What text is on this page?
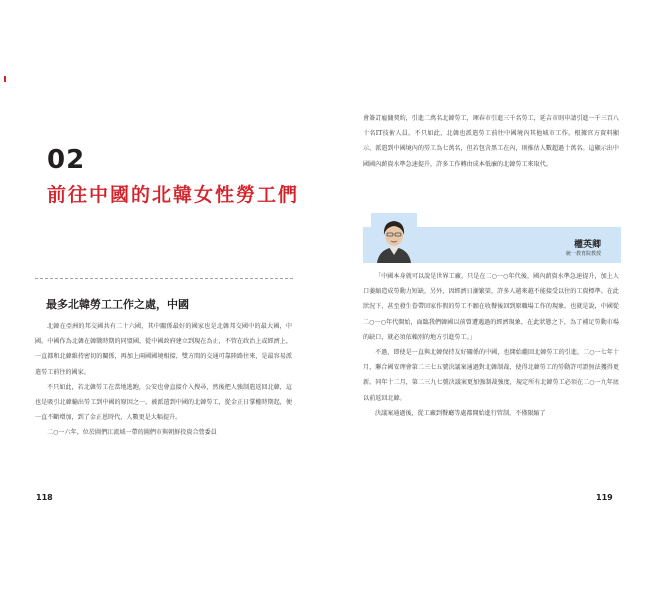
02
前往中國的北韓女性勞工們
最多北韓勞工工作之處，中國

北韓在亞洲的邦交國共有二十六國，其中關係最好的國家也是北韓邦交國中的最大國，中國。中國作為北韓在韓戰時期的同盟國，從中國政府建立到現在為止，不管在政治上或經濟上，一直都和北韓維持密切的關係，再加上兩國國境相接，雙方間的交通可靠陸路往來，是最容易派遣勞工前往的國家。

不只如此，若北韓勞工在當地逃跑，公安也會直接介入搜尋，然後把人強制遣返回北韓，這也是吸引北韓輸出勞工到中國的原因之一。被派遣到中國的北韓勞工，從金正日掌權時期起，便一直不斷增加，到了金正恩時代，人數更是大幅提升。

二○一六年，位於圖們江流域一帶的圖們市與朝鮮投資合營委員

118

會簽訂雇傭契約，引進二萬名北韓勞工，琿春市引進三千名勞工，延吉市則申請引進一千三百八十名IT技術人員。不只如此，北韓也派遣勞工前往中國境內其他城市工作。根據官方資料顯示，派遣到中國境內的勞工為七萬名，但若包含黑工在內，則推估人數超過十萬名。這顯示出中國國內薪資水準急速提升，許多工作轉由成本低廉的北韓勞工來取代。

權英卿
統一教育院教授

「中國本身就可以說是世界工廠，只是在二○一○年代後，國內薪資水準急速提升，加上人口萎縮造成勞動力短缺，另外，因經濟日漸繁榮，許多人越來越不能接受以往的工資標準。在此狀況下，甚至發生眷帶回家作假的勞工不願在收餐後回到原職場工作的現象。也就是說，中國從二○一○年代開始，面臨我們韓國以前曾遭遇過的經濟現象，在此狀態之下，為了補足勞動市場的缺口，就必須依賴別的地方引進勞工。」

不過，即使是一直與北韓保持友好關係的中國，也開始繼回北韓勞工的引進，二○一七年十月，聯合國安理會第二三七五號決議案通過對北韓制裁，使得北韓勞工的勞動許可證無法獲得更新。同年十二月，第二三九七號決議案更加強制裁強度，規定所有北韓勞工必須在二○一九年底以前返回北韓。

決議案通過後，從工廠到餐廳等處都開始進行管制，不僅限縮了

119
